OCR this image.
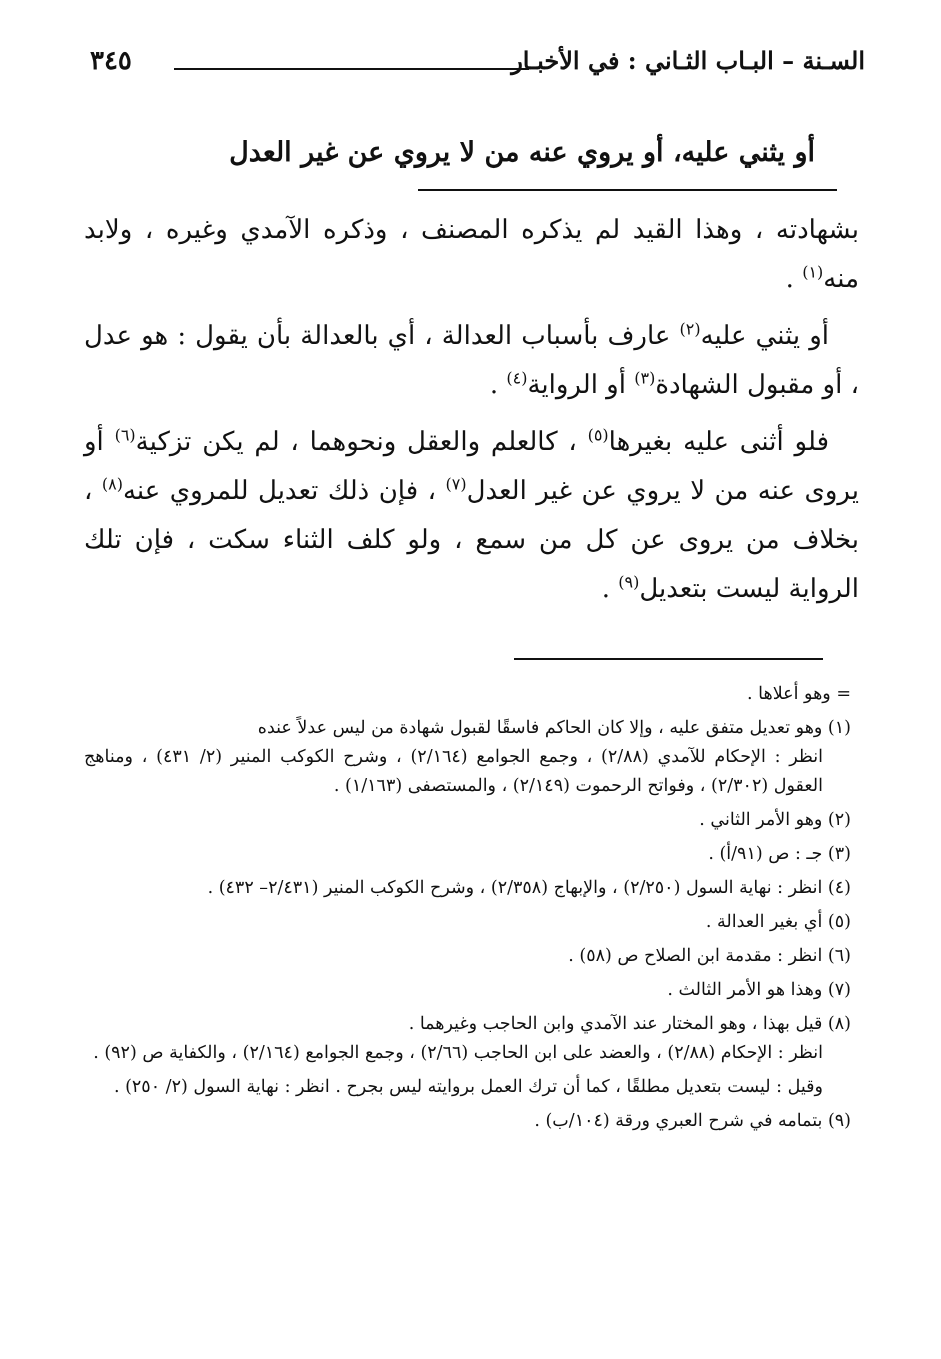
السـنة – البـاب الثـاني : في الأخبـار
٣٤٥
أو يثني عليه، أو يروي عنه من لا يروي عن غير العدل

بشهادته ، وهذا القيد لم يذكره المصنف ، وذكره الآمدي وغيره ، ولابد منه$^{(١)}$ .

أو يثني عليه$^{(٢)}$ عارف بأسباب العدالة ، أي بالعدالة بأن يقول : هو عدل ، أو مقبول الشهادة$^{(٣)}$ أو الرواية$^{(٤)}$ .

فلو أثنى عليه بغيرها$^{(٥)}$ ، كالعلم والعقل ونحوهما ، لم يكن تزكية$^{(٦)}$ أو يروى عنه من لا يروي عن غير العدل$^{(٧)}$ ، فإن ذلك تعديل للمروي عنه$^{(٨)}$ ، بخلاف من يروى عن كل من سمع ، ولو كلف الثناء سكت ، فإن تلك الرواية ليست بتعديل$^{(٩)}$ .

= وهو أعلاها .

(١) وهو تعديل متفق عليه ، وإلا كان الحاكم فاسقًا لقبول شهادة من ليس عدلاً عنده
انظر : الإحكام للآمدي (٢/٨٨) ، وجمع الجوامع (٢/١٦٤) ، وشرح الكوكب المنير (٢/ ٤٣١) ، ومناهج العقول (٢/٣٠٢) ، وفواتح الرحموت (٢/١٤٩) ، والمستصفى (١/١٦٣) .

(٢) وهو الأمر الثاني .

(٣) جـ : ص (٩١/أ) .

(٤) انظر : نهاية السول (٢/٢٥٠) ، والإبهاج (٢/٣٥٨) ، وشرح الكوكب المنير (٢/٤٣١– ٤٣٢) .

(٥) أي بغير العدالة .

(٦) انظر : مقدمة ابن الصلاح ص (٥٨) .

(٧) وهذا هو الأمر الثالث .

(٨) قيل بهذا ، وهو المختار عند الآمدي وابن الحاجب وغيرهما .
انظر : الإحكام (٢/٨٨) ، والعضد على ابن الحاجب (٢/٦٦) ، وجمع الجوامع (٢/١٦٤) ، والكفاية ص (٩٢) .

وقيل : ليست بتعديل مطلقًا ، كما أن ترك العمل بروايته ليس بجرح . انظر : نهاية السول (٢/ ٢٥٠) .

(٩) بتمامه في شرح العبري ورقة (١٠٤/ب) .
